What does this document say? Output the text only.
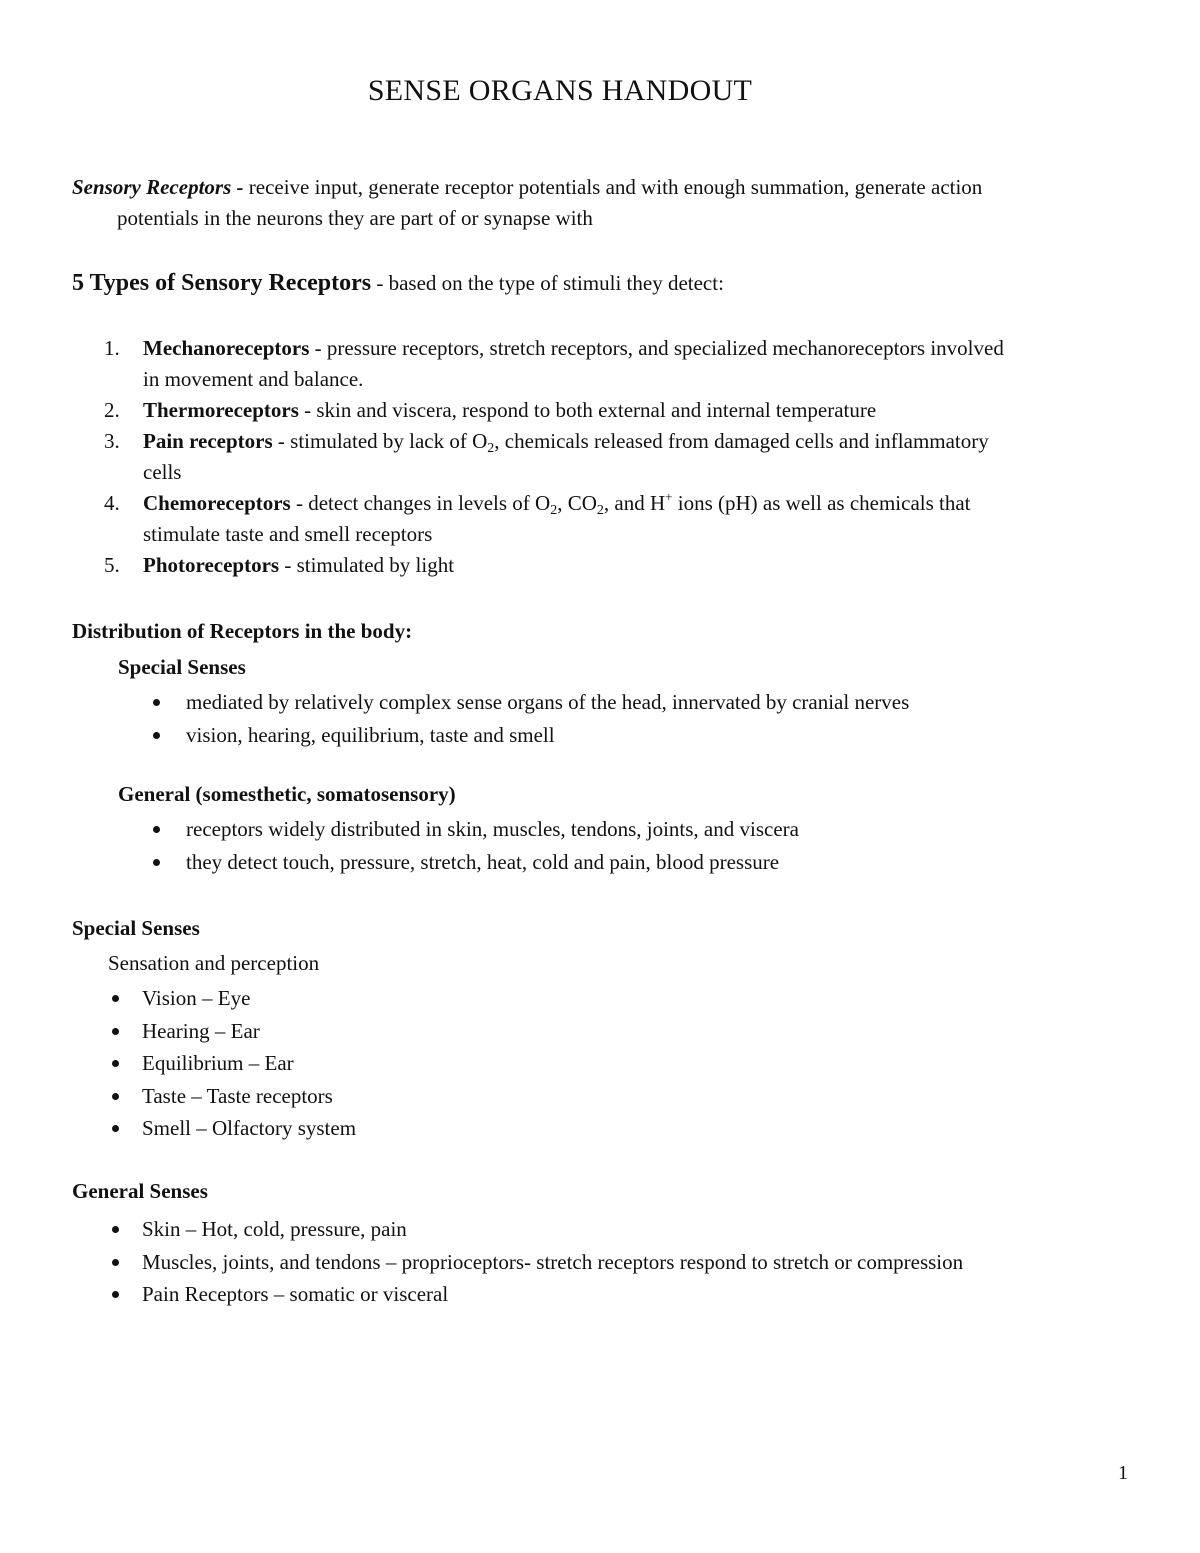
SENSE ORGANS HANDOUT
Sensory Receptors - receive input, generate receptor potentials and with enough summation, generate action
potentials in the neurons they are part of or synapse with
5 Types of Sensory Receptors - based on the type of stimuli they detect:
1. Mechanoreceptors - pressure receptors, stretch receptors, and specialized mechanoreceptors involved
in movement and balance.
2. Thermoreceptors - skin and viscera, respond to both external and internal temperature
3. Pain receptors - stimulated by lack of $O_2$, chemicals released from damaged cells and inflammatory
cells
4. Chemoreceptors - detect changes in levels of $O_2$, $CO_2$, and H+ ions (pH) as well as chemicals that
stimulate taste and smell receptors
5. Photoreceptors - stimulated by light
Distribution of Receptors in the body:
Special Senses
mediated by relatively complex sense organs of the head, innervated by cranial nerves
vision, hearing, equilibrium, taste and smell
General (somesthetic, somatosensory)
receptors widely distributed in skin, muscles, tendons, joints, and viscera
they detect touch, pressure, stretch, heat, cold and pain, blood pressure
Special Senses
Sensation and perception
Vision – Eye
Hearing – Ear
Equilibrium – Ear
Taste – Taste receptors
Smell – Olfactory system
General Senses
Skin – Hot, cold, pressure, pain
Muscles, joints, and tendons – proprioceptors- stretch receptors respond to stretch or compression
Pain Receptors – somatic or visceral
1
